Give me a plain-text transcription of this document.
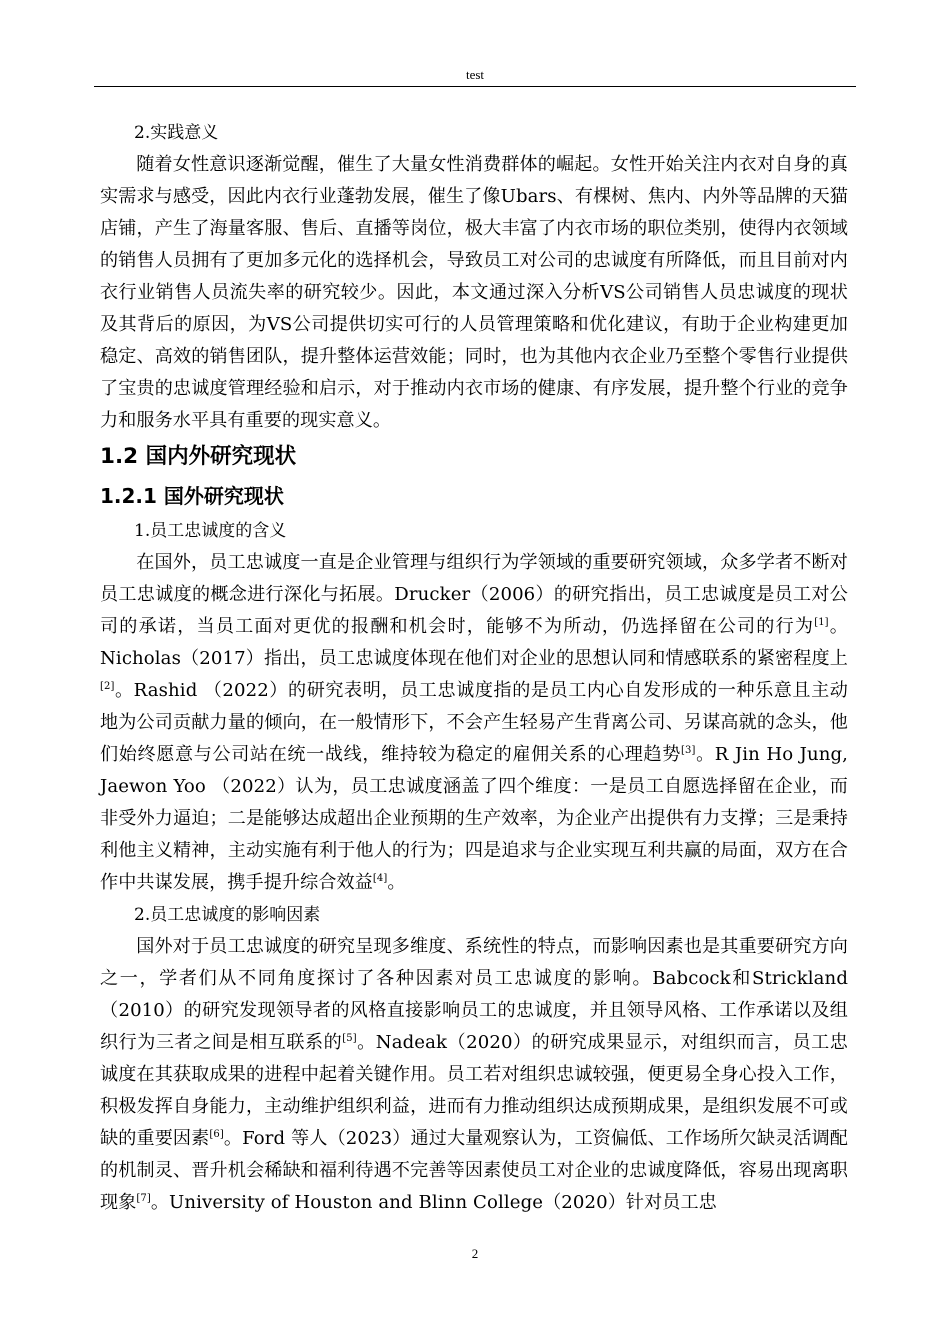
test

2.实践意义

随着女性意识逐渐觉醒，催生了大量女性消费群体的崛起。女性开始关注内衣对自身的真实需求与感受，因此内衣行业蓬勃发展，催生了像Ubars、有棵树、焦内、内外等品牌的天猫店铺，产生了海量客服、售后、直播等岗位，极大丰富了内衣市场的职位类别，使得内衣领域的销售人员拥有了更加多元化的选择机会，导致员工对公司的忠诚度有所降低，而且目前对内衣行业销售人员流失率的研究较少。因此，本文通过深入分析VS公司销售人员忠诚度的现状及其背后的原因，为VS公司提供切实可行的人员管理策略和优化建议，有助于企业构建更加稳定、高效的销售团队，提升整体运营效能；同时，也为其他内衣企业乃至整个零售行业提供了宝贵的忠诚度管理经验和启示，对于推动内衣市场的健康、有序发展，提升整个行业的竞争力和服务水平具有重要的现实意义。

1.2 国内外研究现状
1.2.1 国外研究现状

1.员工忠诚度的含义

在国外，员工忠诚度一直是企业管理与组织行为学领域的重要研究领域，众多学者不断对员工忠诚度的概念进行深化与拓展。Drucker（2006）的研究指出，员工忠诚度是员工对公司的承诺，当员工面对更优的报酬和机会时，能够不为所动，仍选择留在公司的行为[1]。Nicholas（2017）指出，员工忠诚度体现在他们对企业的思想认同和情感联系的紧密程度上[2]。Rashid （2022）的研究表明，员工忠诚度指的是员工内心自发形成的一种乐意且主动地为公司贡献力量的倾向，在一般情形下，不会产生轻易产生背离公司、另谋高就的念头，他们始终愿意与公司站在统一战线，维持较为稳定的雇佣关系的心理趋势[3]。R Jin Ho Jung, Jaewon Yoo （2022）认为，员工忠诚度涵盖了四个维度：一是员工自愿选择留在企业，而非受外力逼迫；二是能够达成超出企业预期的生产效率，为企业产出提供有力支撑；三是秉持利他主义精神，主动实施有利于他人的行为；四是追求与企业实现互利共赢的局面，双方在合作中共谋发展，携手提升综合效益[4]。

2.员工忠诚度的影响因素

国外对于员工忠诚度的研究呈现多维度、系统性的特点，而影响因素也是其重要研究方向之一，学者们从不同角度探讨了各种因素对员工忠诚度的影响。Babcock和Strickland（2010）的研究发现领导者的风格直接影响员工的忠诚度，并且领导风格、工作承诺以及组织行为三者之间是相互联系的[5]。Nadeak（2020）的研究成果显示，对组织而言，员工忠诚度在其获取成果的进程中起着关键作用。员工若对组织忠诚较强，便更易全身心投入工作，积极发挥自身能力，主动维护组织利益，进而有力推动组织达成预期成果，是组织发展不可或缺的重要因素[6]。Ford 等人（2023）通过大量观察认为，工资偏低、工作场所欠缺灵活调配的机制灵、晋升机会稀缺和福利待遇不完善等因素使员工对企业的忠诚度降低，容易出现离职现象[7]。University of Houston and Blinn College（2020）针对员工忠

2
